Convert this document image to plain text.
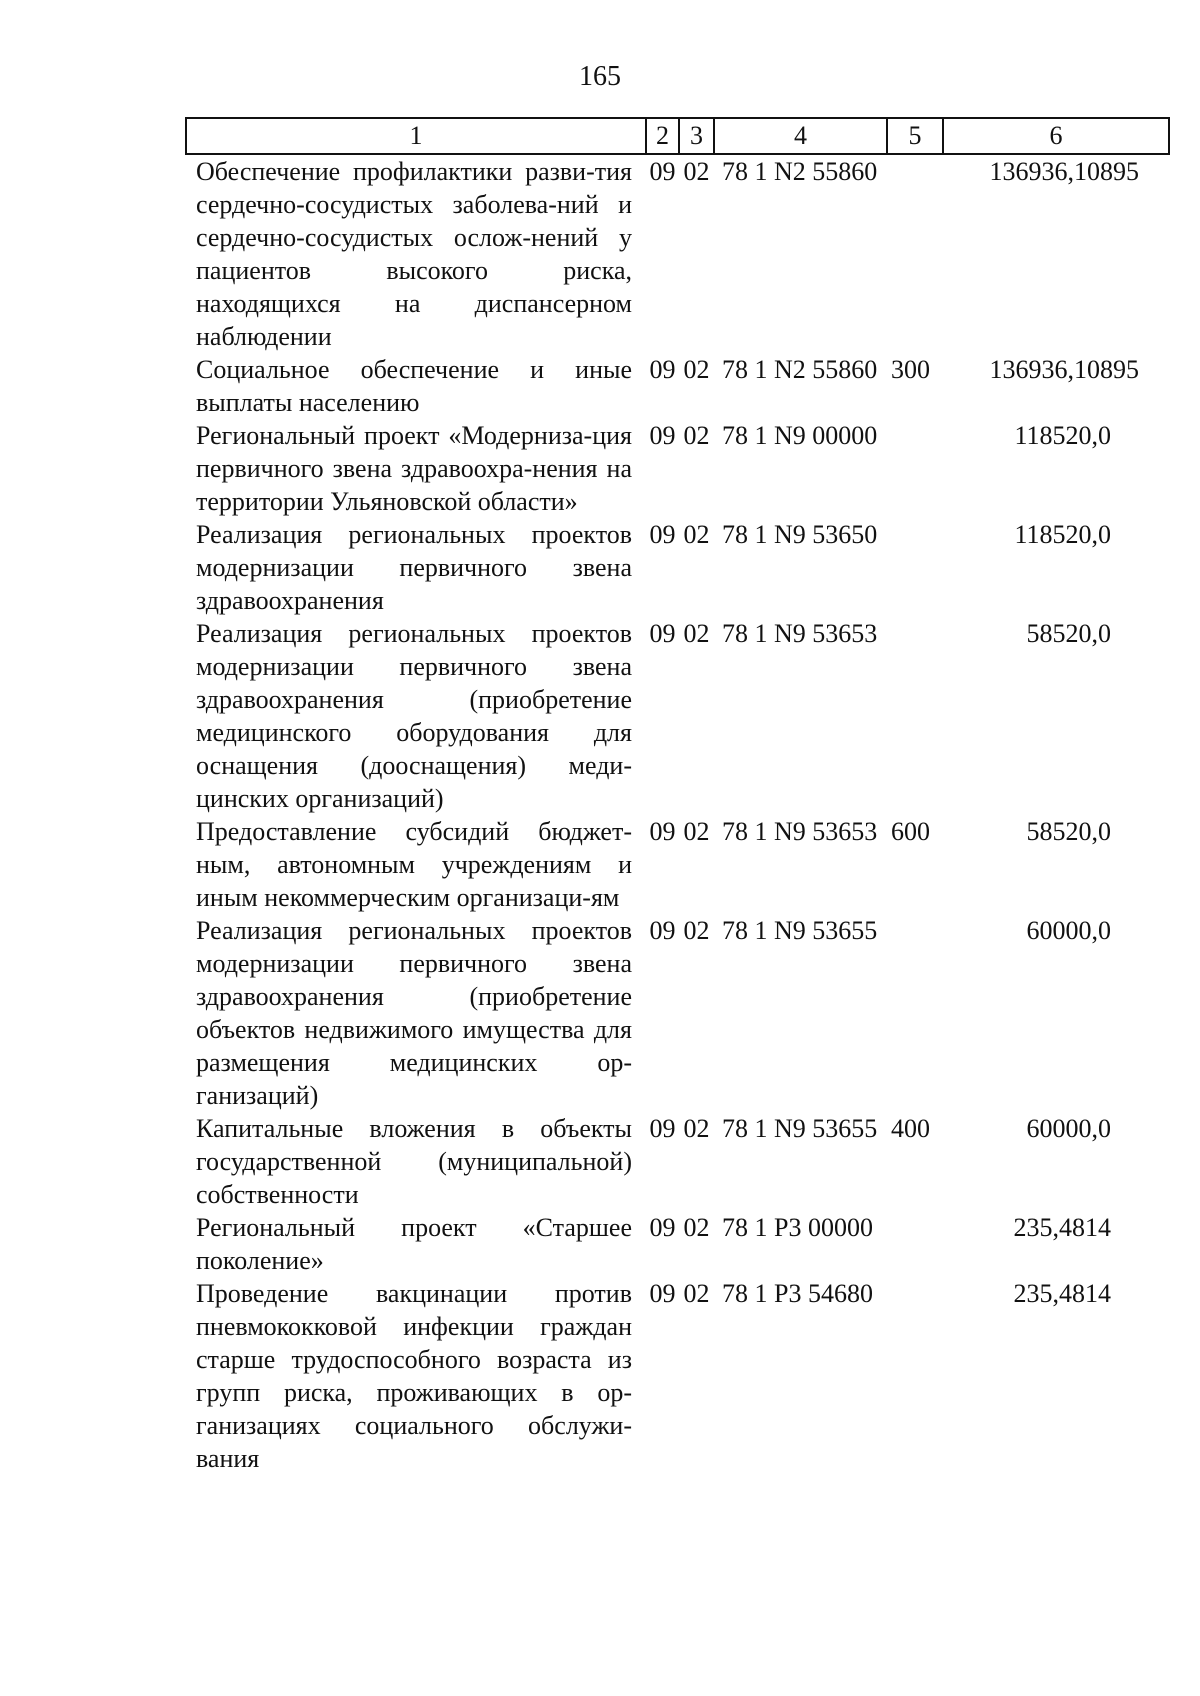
165
1	2	3	4	5	6
Обеспечение профилактики разви-тия сердечно-сосудистых заболева-ний и сердечно-сосудистых ослож-нений у пациентов высокого риска, находящихся на диспансерном наблюдении	09	02	78 1 N2 55860		136936,10895
Социальное обеспечение и иные выплаты населению	09	02	78 1 N2 55860	300	136936,10895
Региональный проект «Модерниза-ция первичного звена здравоохра-нения на территории Ульяновской области»	09	02	78 1 N9 00000		118520,0
Реализация региональных проектов модернизации первичного звена здравоохранения	09	02	78 1 N9 53650		118520,0
Реализация региональных проектов модернизации первичного звена здравоохранения (приобретение медицинского оборудования для оснащения (дооснащения) меди-цинских организаций)	09	02	78 1 N9 53653		58520,0
Предоставление субсидий бюджет-ным, автономным учреждениям и иным некоммерческим организаци-ям	09	02	78 1 N9 53653	600	58520,0
Реализация региональных проектов модернизации первичного звена здравоохранения (приобретение объектов недвижимого имущества для размещения медицинских ор-ганизаций)	09	02	78 1 N9 53655		60000,0
Капитальные вложения в объекты государственной (муниципальной) собственности	09	02	78 1 N9 53655	400	60000,0
Региональный проект «Старшее поколение»	09	02	78 1 P3 00000		235,4814
Проведение вакцинации против пневмококковой инфекции граждан старше трудоспособного возраста из групп риска, проживающих в ор-ганизациях социального обслужи-вания	09	02	78 1 P3 54680		235,4814
